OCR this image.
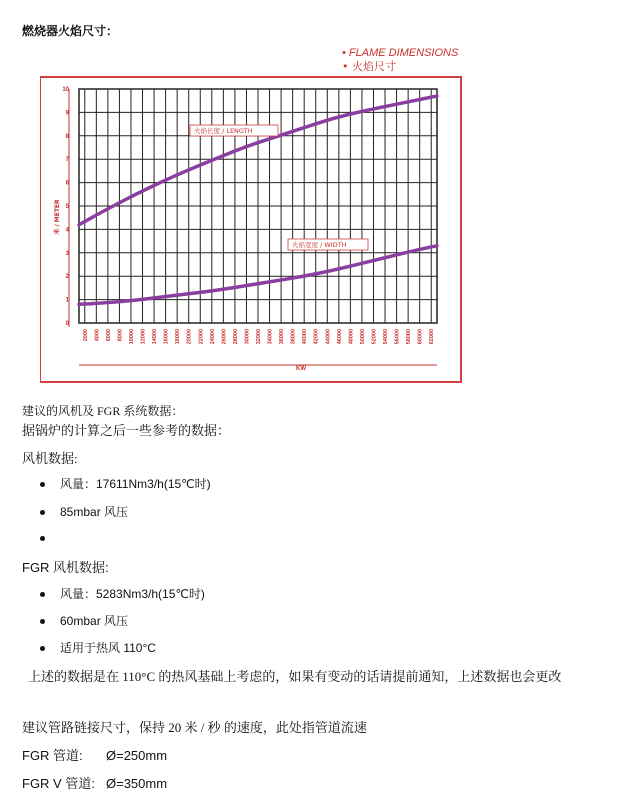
燃烧器火焰尺寸：
• FLAME DIMENSIONS
• 火焰尺寸
2000 4000 6000 8000 10000 12000 14000 16000 18000 20000 22000 24000 26000 28000 30000 32000 34000 36000 38000 40000 42000 44000 46000 48000 50000 52000 54000 56000 58000 60000 62000
0
1
2
3
4
5
6
7
8
9
10
火焰长度 / LENGTH
火焰宽度 / WIDTH
KW
米 / METER
建议的风机及 FGR 系统数据：
据锅炉的计算之后一些参考的数据：
风机数据:
风量：17611Nm3/h(15℃时)
85mbar 风压
FGR 风机数据:
风量：5283Nm3/h(15℃时)
60mbar 风压
适用于热风 110°C
上述的数据是在 110°C 的热风基础上考虑的，如果有变动的话请提前通知，上述数据也会更改
建议管路链接尺寸，保持 20 米 / 秒 的速度，此处指管道流速
FGR 管道: Ø=250mm
FGR V 管道: Ø=350mm
